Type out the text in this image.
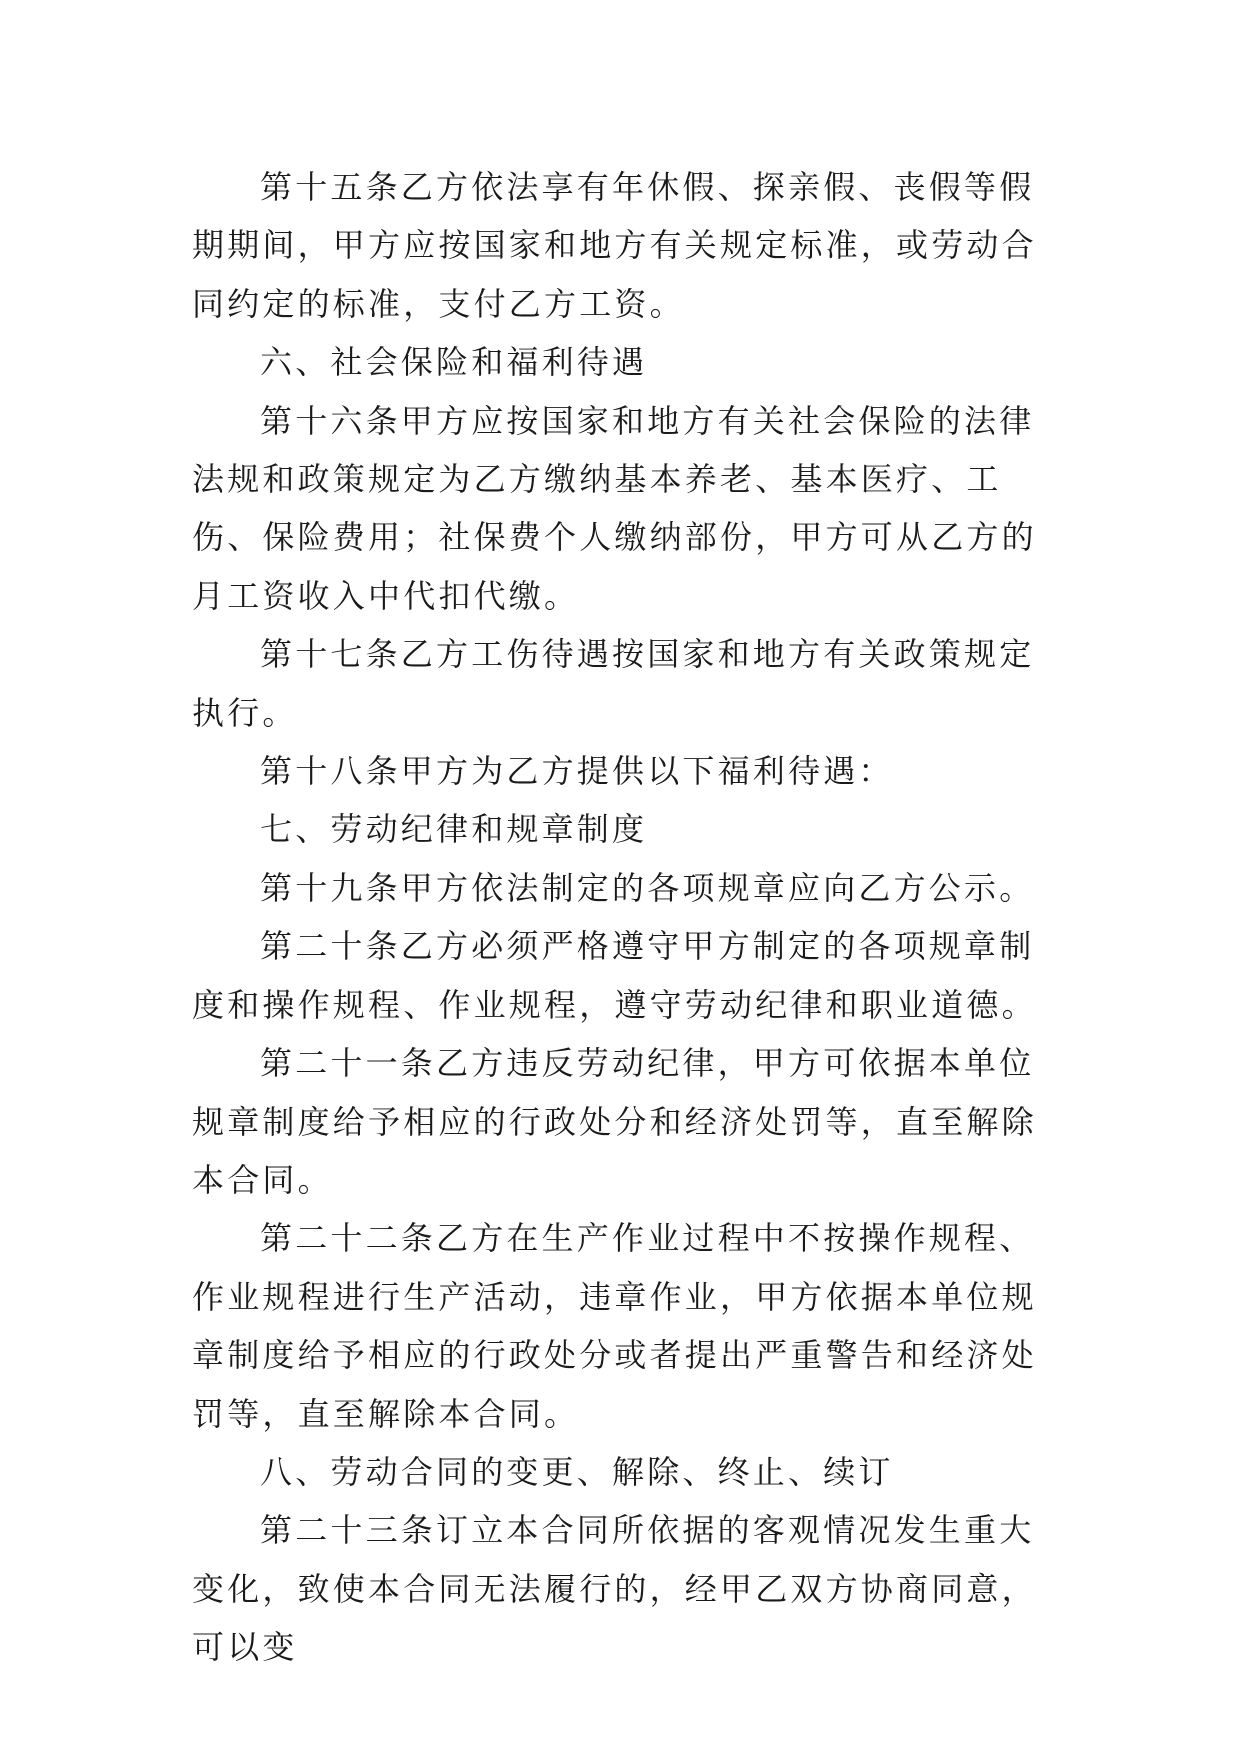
第十五条乙方依法享有年休假、探亲假、丧假等假期期间，甲方应按国家和地方有关规定标准，或劳动合同约定的标准，支付乙方工资。

六、社会保险和福利待遇

第十六条甲方应按国家和地方有关社会保险的法律法规和政策规定为乙方缴纳基本养老、基本医疗、工伤、保险费用；社保费个人缴纳部份，甲方可从乙方的月工资收入中代扣代缴。

第十七条乙方工伤待遇按国家和地方有关政策规定执行。

第十八条甲方为乙方提供以下福利待遇：

七、劳动纪律和规章制度

第十九条甲方依法制定的各项规章应向乙方公示。

第二十条乙方必须严格遵守甲方制定的各项规章制度和操作规程、作业规程，遵守劳动纪律和职业道德。

第二十一条乙方违反劳动纪律，甲方可依据本单位规章制度给予相应的行政处分和经济处罚等，直至解除本合同。

第二十二条乙方在生产作业过程中不按操作规程、作业规程进行生产活动，违章作业，甲方依据本单位规章制度给予相应的行政处分或者提出严重警告和经济处罚等，直至解除本合同。

八、劳动合同的变更、解除、终止、续订

第二十三条订立本合同所依据的客观情况发生重大变化，致使本合同无法履行的，经甲乙双方协商同意，可以变
